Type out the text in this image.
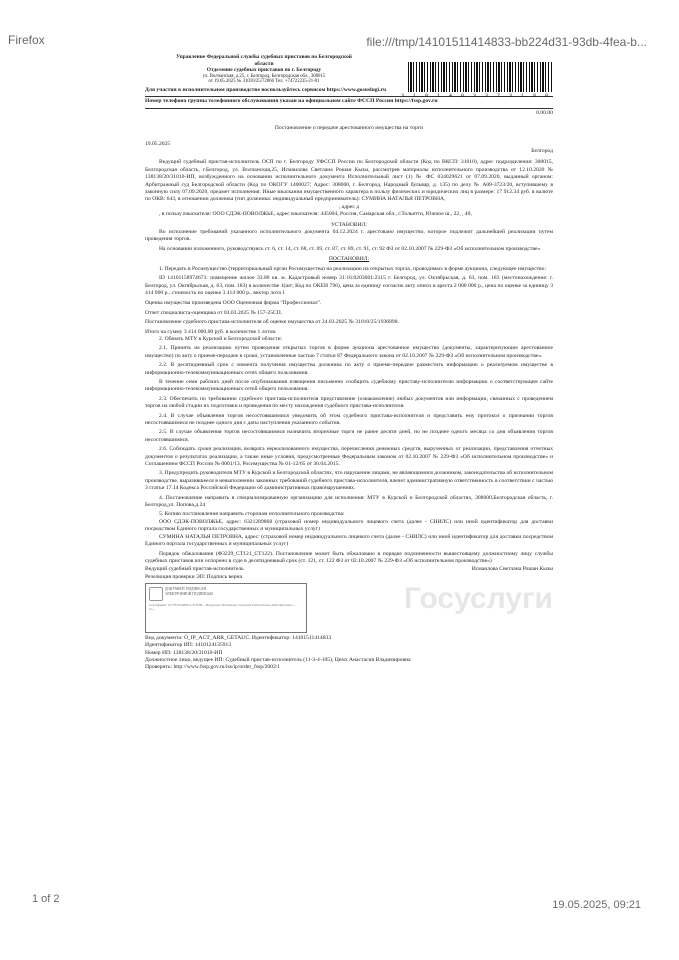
Firefox	file:///tmp/14101511414833-bb224d31-93db-4fea-b...
3 1 0 1 4 0 3 3 7 3 1 8 0

Управление Федеральной службы судебных приставов по Белгородской

области

Отделение судебных приставов по г. Белгороду

ул. Волчанская, д.25, г. Белгород, Белгородская обл., 308015

от 19.05.2025 № 31010/25/72866 Тел. +74722235-21-01

Для участия в исполнительном производстве воспользуйтесь сервисом https://www.gosuslugi.ru

Номер телефона группы телефонного обслуживания указан на официальном сайте ФССП России https://fssp.gov.ru

0.00.00

Постановление о передаче арестованного имущества на торги

19.05.2025

Белгород

Ведущий судебный пристав-исполнитель ОСП по г. Белгороду УФССП России по Белгородской области (Код по ВКСП: 31010), адрес подразделения: 308015, Белгородская область, г.Белгород, ул. Волчанская,25, Исмаилова Светлана Рошан Кызы, рассмотрев материалы исполнительного производства от 12.10.2020 № 138138/20/31010-ИП, возбужденного на основании исполнительного документа Исполнительный лист (1) № ФС 034029621 от 07.09.2020, выданный органом: Арбитражный суд Белгородской области (Код по ОКОГУ 1400027; Адрес: 308000, г. Белгород, Народный бульвар, д. 135) по делу № А08-3723/20, вступившему в законную силу 07.09.2020, предмет исполнения: Иные взыскания имущественного характера в пользу физических и юридических лиц в размере: 17 912.34 руб. в валюте по ОКВ: 643, в отношении должника (тип должника: индивидуальный предприниматель): СУМИНА НАТАЛЬЯ ПЕТРОВНА,

, адрес д

, в пользу взыскателя: ООО СДЭК-ПОВОЛЖЬЕ, адрес взыскателя: 445004, Россия, Самарская обл., г.Тольятти, Южное ш., 22, , 40,

УСТАНОВИЛ:

Во исполнение требований указанного исполнительного документа 04.12.2024 г. арестовано имущество, которое подлежит дальнейшей реализации путем проведения торгов.

На основании изложенного, руководствуясь ст. 6, ст. 14, ст. 68, ст. 69, ст. 87, ст. 89, ст. 91, ст. 92 ФЗ от 02.10.2007 № 229-ФЗ «Об исполнительном производстве»

ПОСТАНОВИЛ:

1. Передать в Росимущество (территориальный орган Росимущества) на реализацию на открытых торгах, проводимых в форме аукциона, следующее имущество:

ID 14101158974673: помещение жилое 33.80 кв. м. Кадастровый номер 31:16:0203001:2315 г. Белгород, ул. Октябрьская, д. 63, пом. 183 (местонахождение: г. Белгород, ул. Октябрьская, д. 63, пом. 183) в количестве 1(шт; Код по ОКЕИ 796), цена за единицу согласно акту описи и ареста 2 000 000 р., цена по оценке за единицу 3 414 000 р., стоимость по оценке 3 414 000 р., вектор лота 1

Оценка имущества произведена ООО Оценочная фирма "Профессионал".

Отчет специалиста-оценщика от 03.03.2025 № 157-25СП.

Постановление судебного пристава-исполнителя об оценке имущества от 24.03.2025 № 31010/25/1936898.

Итого на сумму 3 414 000,00 руб. в количестве 1 лотов.

2. Обязать МТУ в Курской и Белгородской области:

2.1. Принять на реализацию путем проведения открытых торгов в форме аукциона арестованное имущество (документы, характеризующие арестованное имущество) по акту о приеме-передаче в сроки, установленные частью 7 статьи 87 Федерального закона от 02.10.2007 № 229-ФЗ «Об исполнительном производстве».

2.2. В десятидневный срок с момента получения имущества должника по акту о приеме-передаче разместить информацию о реализуемом имуществе в информационно-телекоммуникационных сетях общего пользования.

В течение семи рабочих дней после опубликования извещения письменно сообщить судебному приставу-исполнителю информацию о соответствующем сайте информационно-телекоммуникационных сетей общего пользования.

2.3. Обеспечить по требованию судебного пристава-исполнителя представление (ознакомление) любых документов или информации, связанных с проведением торгов на любой стадии их подготовки и проведения по месту нахождения судебного пристава-исполнителя.

2.4. В случае объявления торгов несостоявшимися уведомить об этом судебного пристава-исполнителя и представить ему протокол о признании торгов несостоявшимися не позднее одного дня с даты наступления указанного события.

2.5. В случае объявления торгов несостоявшимися назначить вторичные торги не ранее десяти дней, но не позднее одного месяца со дня объявления торгов несостоявшимися.

2.6. Соблюдать сроки реализации, возврата нереализованного имущества, перечисления денежных средств, вырученных от реализации, представления отчетных документов о результатах реализации, а также иные условия, предусмотренные Федеральным законом от 02.10.2007 № 229-ФЗ «Об исполнительном производстве» и Соглашением ФССП России № 0001/13, Росимущества № 01-12/65 от 30.04.2015.

3. Предупредить руководителя МТУ в Курской и Белгородской областях, что нарушение лицами, не являющимися должником, законодательства об исполнительном производстве, выразившееся в невыполнении законных требований судебного пристава-исполнителя, влечет административную ответственность в соответствии с частью 3 статьи 17.14 Кодекса Российской Федерации об административных правонарушениях.

4. Постановление направить в специализированную организацию для исполнения: МТУ в Курской и Белгородской областях, 308000,Белгородская область, г. Белгород,ул. Попова,д.24

5. Копию постановления направить сторонам исполнительного производства:

ООО СДЭК-ПОВОЛЖЬЕ, адрес: 6321289868 (страховой номер индивидуального лицевого счета (далее - СНИЛС) или иной идентификатор для доставки посредством Единого портала государственных и муниципальных услуг)

СУМИНА НАТАЛЬЯ ПЕТРОВНА, адрес: (страховой номер индивидуального лицевого счета (далее - СНИЛС) или иной идентификатор для доставки посредством Единого портала государственных и муниципальных услуг)

Порядок обжалования (Ф3229_СТ121_СТ122). Постановление может быть обжаловано в порядке подчиненности вышестоящему должностному лицу службы судебных приставов или оспорено в суде в десятидневный срок (ст. 121, ст. 122 ФЗ от 02.10.2007 № 229-ФЗ «Об исполнительном производстве»)

Ведущий судебный пристав-исполнитель	Исмаилова Светлана Рошан Кызы

Резолюция проверки ЭП: Подпись верна

ДОКУМЕНТ ПОДПИСАН
ЭЛЕКТРОННОЙ ПОДПИСЬЮ
Сертификат: 0177F18A9BE1C3CF3B... Владелец: Исмаилова Светлана Рошан Кызы Действителен с ... по ...	Госуслуги

Вид документа: O_IP_ACT_ARR_GETAUC. Идентификатор: 14101511414833

Идентификатор ИП: 1410124135913

Номер ИП: 138138/20/31010-ИП

Должностное лицо, ведущее ИП: Судебный пристав-исполнитель (11-3-4-105), Цемх Анастасия Владимировна

Проверить: http://www.fssp.gov.ru/iss/ip/order_fssp/2002/1

1 of 2	19.05.2025, 09:21
